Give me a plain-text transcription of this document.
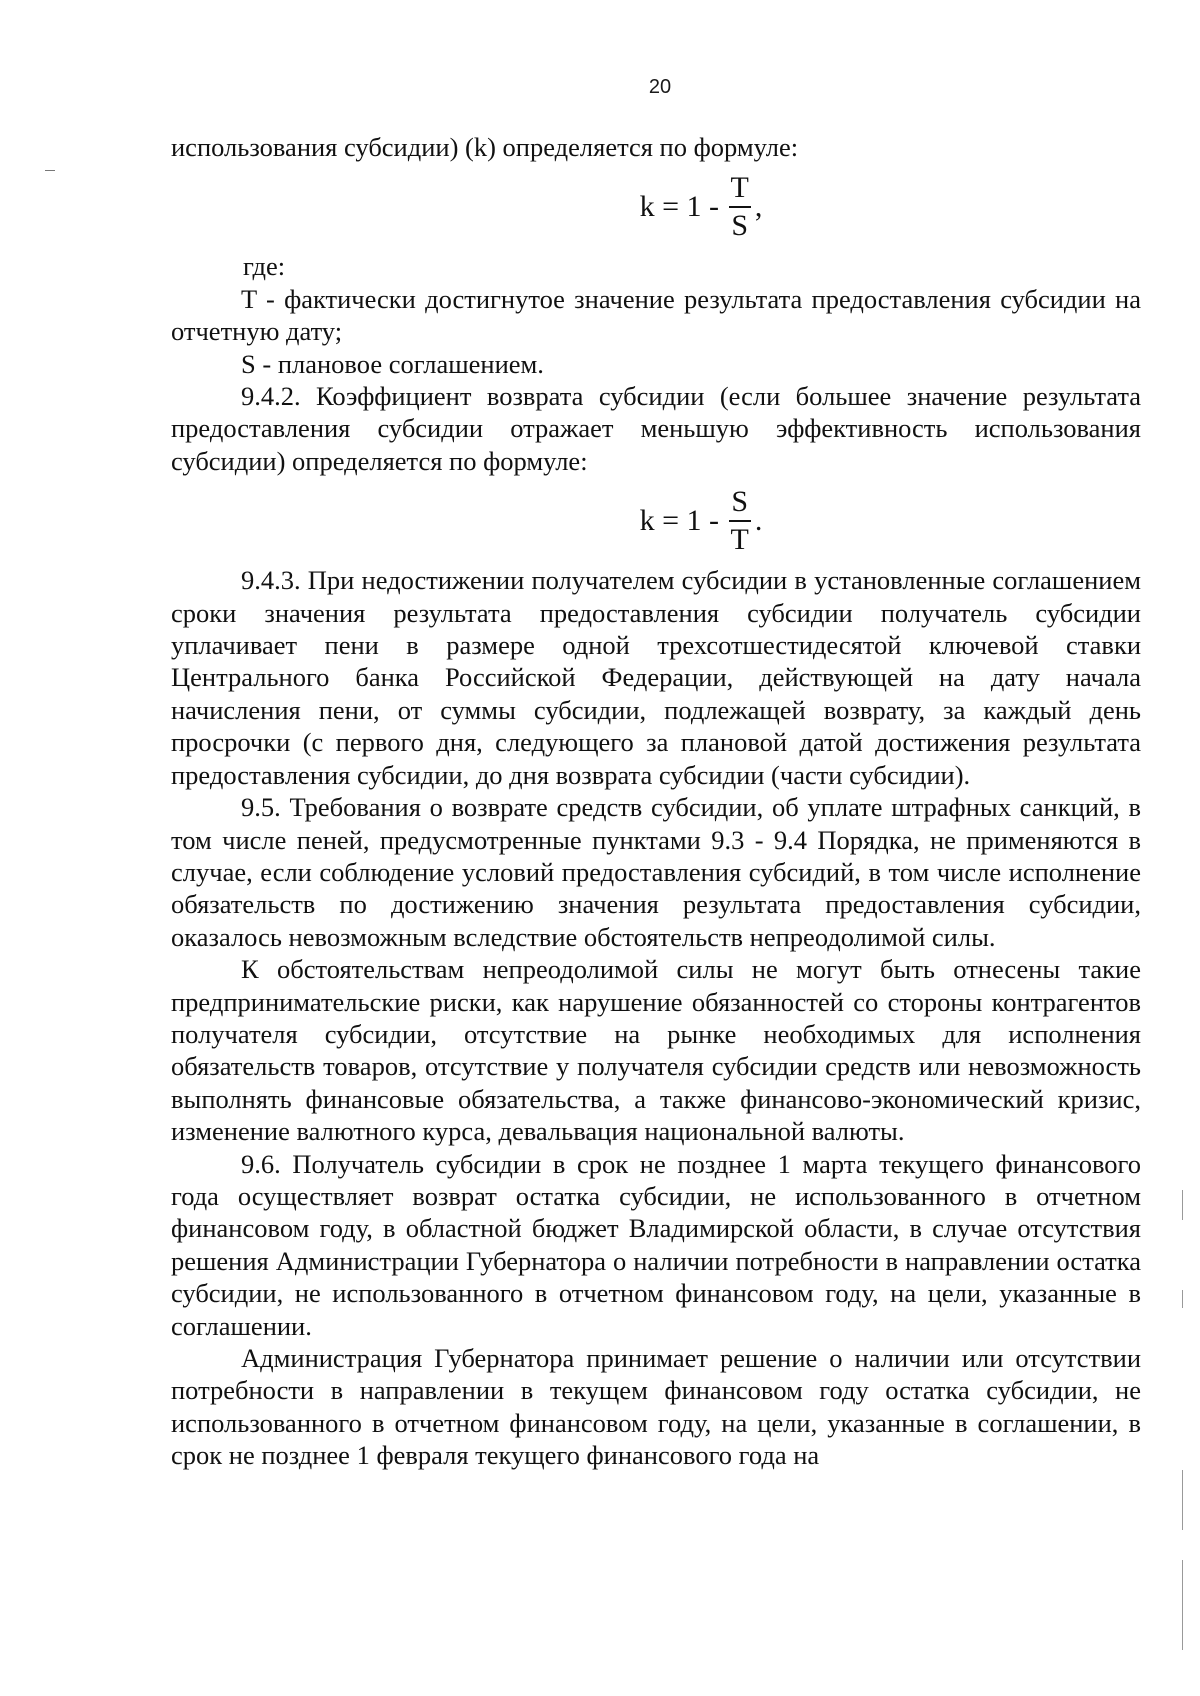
20

использования субсидии) (k) определяется по формуле:

$k = 1 - \frac{T}{S}$ ,

где:

T - фактически достигнутое значение результата предоставления субсидии на отчетную дату;

S - плановое соглашением.

9.4.2. Коэффициент возврата субсидии (если большее значение результата предоставления субсидии отражает меньшую эффективность использования субсидии) определяется по формуле:

$k = 1 - \frac{S}{T}$ .

9.4.3. При недостижении получателем субсидии в установленные соглашением сроки значения результата предоставления субсидии получатель субсидии уплачивает пени в размере одной трехсотшестидесятой ключевой ставки Центрального банка Российской Федерации, действующей на дату начала начисления пени, от суммы субсидии, подлежащей возврату, за каждый день просрочки (с первого дня, следующего за плановой датой достижения результата предоставления субсидии, до дня возврата субсидии (части субсидии).

9.5. Требования о возврате средств субсидии, об уплате штрафных санкций, в том числе пеней, предусмотренные пунктами 9.3 - 9.4 Порядка, не применяются в случае, если соблюдение условий предоставления субсидий, в том числе исполнение обязательств по достижению значения результата предоставления субсидии, оказалось невозможным вследствие обстоятельств непреодолимой силы.

К обстоятельствам непреодолимой силы не могут быть отнесены такие предпринимательские риски, как нарушение обязанностей со стороны контрагентов получателя субсидии, отсутствие на рынке необходимых для исполнения обязательств товаров, отсутствие у получателя субсидии средств или невозможность выполнять финансовые обязательства, а также финансово-экономический кризис, изменение валютного курса, девальвация национальной валюты.

9.6. Получатель субсидии в срок не позднее 1 марта текущего финансового года осуществляет возврат остатка субсидии, не использованного в отчетном финансовом году, в областной бюджет Владимирской области, в случае отсутствия решения Администрации Губернатора о наличии потребности в направлении остатка субсидии, не использованного в отчетном финансовом году, на цели, указанные в соглашении.

Администрация Губернатора принимает решение о наличии или отсутствии потребности в направлении в текущем финансовом году остатка субсидии, не использованного в отчетном финансовом году, на цели, указанные в соглашении, в срок не позднее 1 февраля текущего финансового года на
